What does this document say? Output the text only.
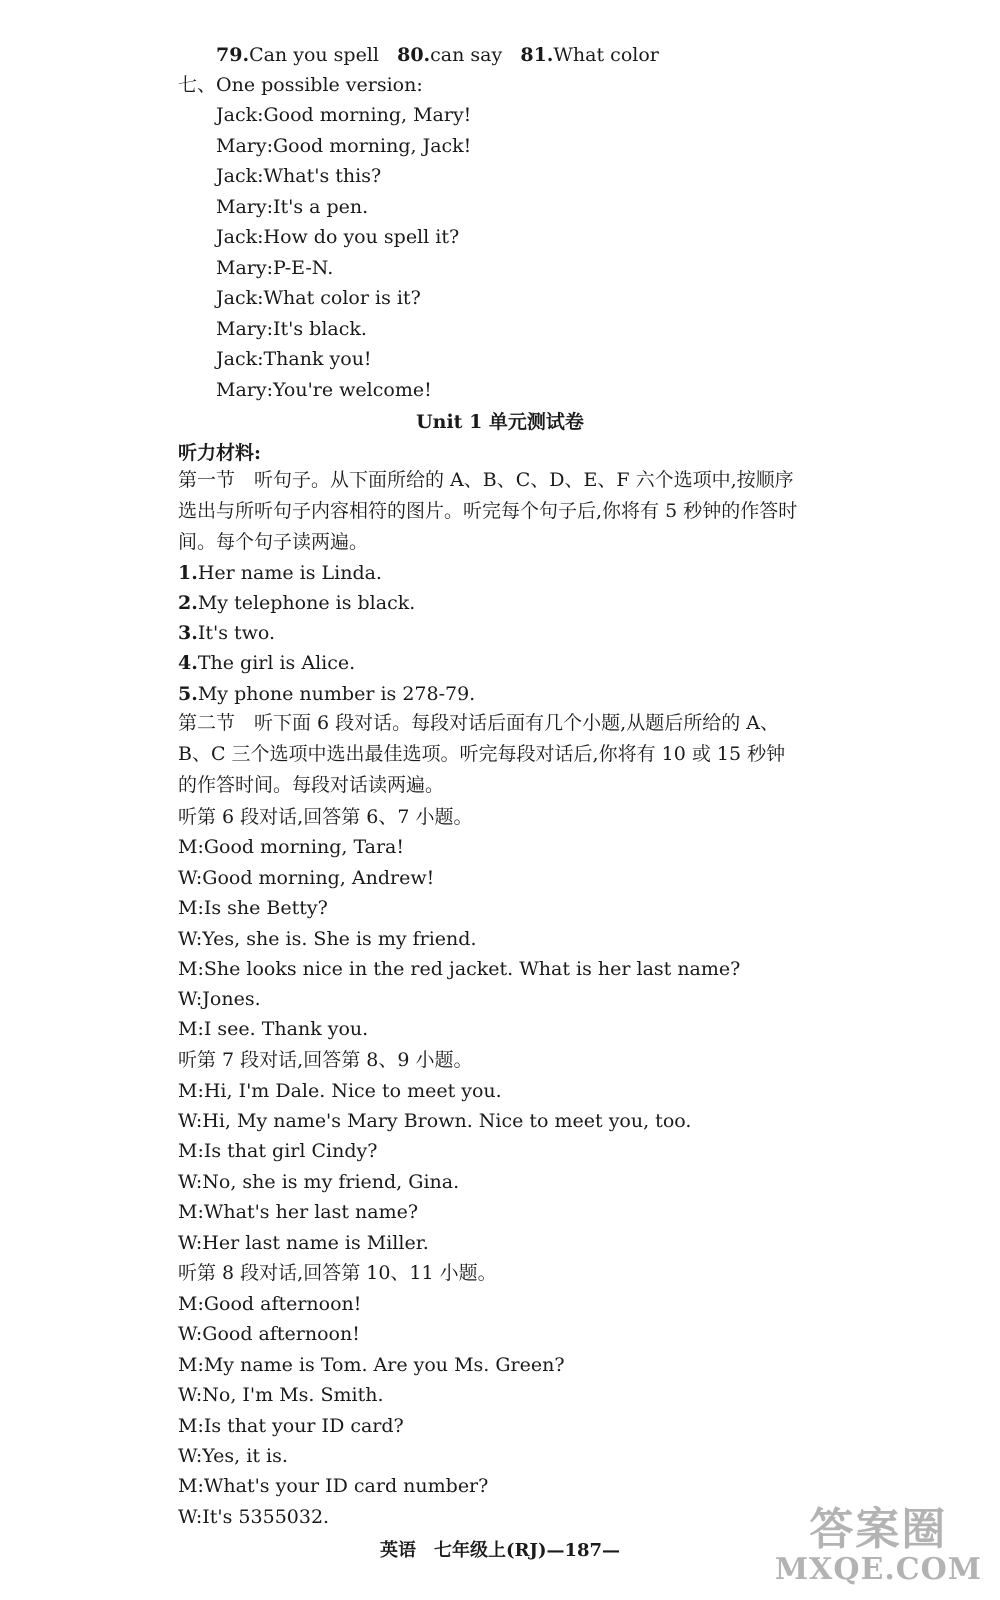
79.Can you spell 80.can say 81.What color
七、One possible version:
Jack:Good morning, Mary!
Mary:Good morning, Jack!
Jack:What's this?
Mary:It's a pen.
Jack:How do you spell it?
Mary:P-E-N.
Jack:What color is it?
Mary:It's black.
Jack:Thank you!
Mary:You're welcome!
Unit 1 单元测试卷
听力材料:
第一节　听句子。从下面所给的 A、B、C、D、E、F 六个选项中,按顺序选出与所听句子内容相符的图片。听完每个句子后,你将有 5 秒钟的作答时间。每个句子读两遍。
1.Her name is Linda.
2.My telephone is black.
3.It's two.
4.The girl is Alice.
5.My phone number is 278-79.
第二节　听下面 6 段对话。每段对话后面有几个小题,从题后所给的 A、B、C 三个选项中选出最佳选项。听完每段对话后,你将有 10 或 15 秒钟的作答时间。每段对话读两遍。
听第 6 段对话,回答第 6、7 小题。
M:Good morning, Tara!
W:Good morning, Andrew!
M:Is she Betty?
W:Yes, she is. She is my friend.
M:She looks nice in the red jacket. What is her last name?
W:Jones.
M:I see. Thank you.
听第 7 段对话,回答第 8、9 小题。
M:Hi, I'm Dale. Nice to meet you.
W:Hi, My name's Mary Brown. Nice to meet you, too.
M:Is that girl Cindy?
W:No, she is my friend, Gina.
M:What's her last name?
W:Her last name is Miller.
听第 8 段对话,回答第 10、11 小题。
M:Good afternoon!
W:Good afternoon!
M:My name is Tom. Are you Ms. Green?
W:No, I'm Ms. Smith.
M:Is that your ID card?
W:Yes, it is.
M:What's your ID card number?
W:It's 5355032.
英语　七年级上(RJ)—187—	答案圈
MXQE.COM
